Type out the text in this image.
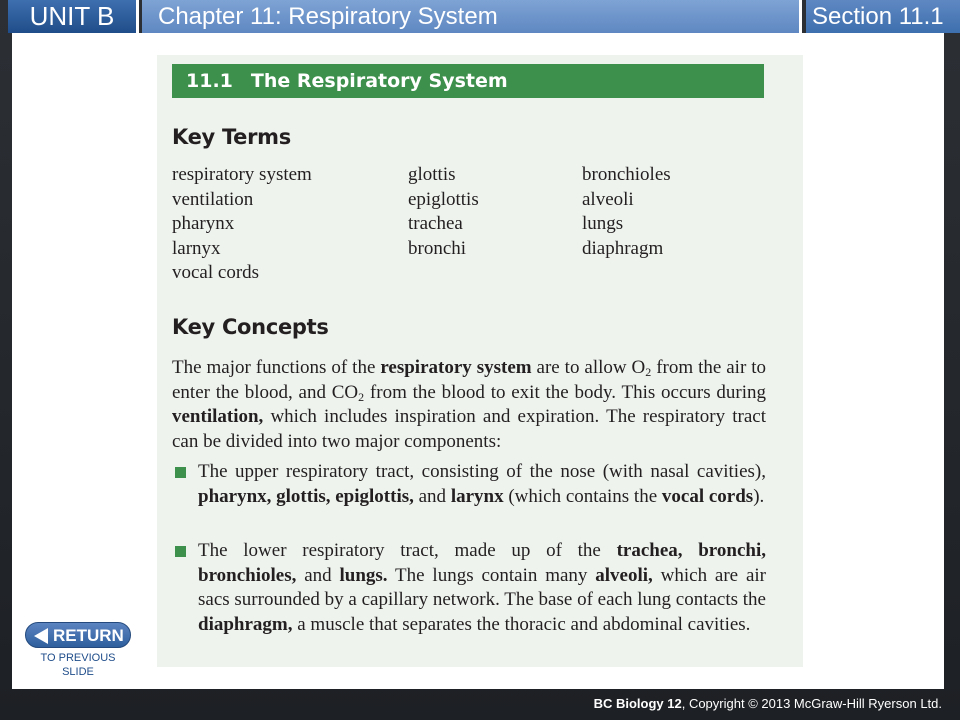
UNIT B	Chapter 11: Respiratory System	Section 11.1
11.1 The Respiratory System
Key Terms
respiratory system
ventilation
pharynx
larnyx
vocal cords
glottis
epiglottis
trachea
bronchi
bronchioles
alveoli
lungs
diaphragm
Key Concepts
The major functions of the respiratory system are to allow $O_2$ from the air to enter the blood, and $CO_2$ from the blood to exit the body. This occurs during ventilation, which includes inspiration and expiration. The respiratory tract can be divided into two major components:
The upper respiratory tract, consisting of the nose (with nasal cavities), pharynx, glottis, epiglottis, and larynx (which contains the vocal cords).
The lower respiratory tract, made up of the trachea, bronchi, bronchioles, and lungs. The lungs contain many alveoli, which are air sacs surrounded by a capillary network. The base of each lung contacts the diaphragm, a muscle that separates the thoracic and abdominal cavities.
RETURN
TO PREVIOUS
SLIDE
BC Biology 12, Copyright © 2013 McGraw-Hill Ryerson Ltd.
